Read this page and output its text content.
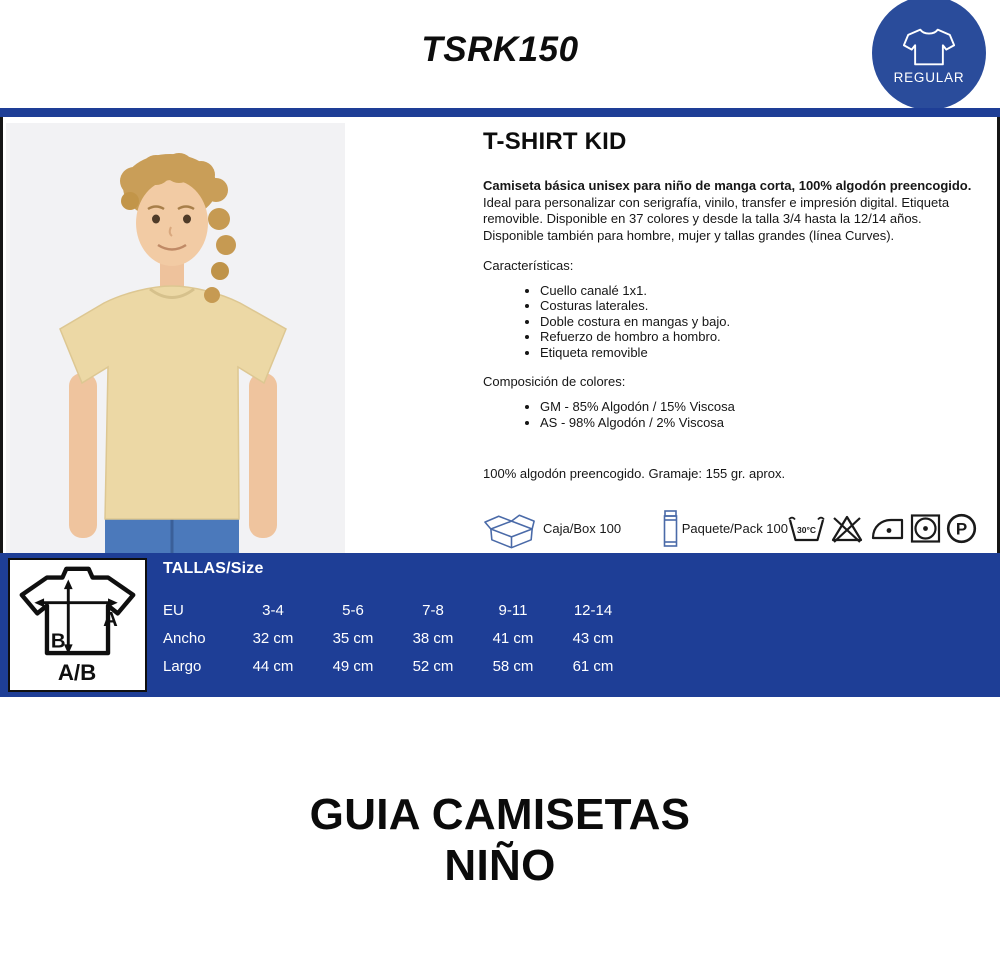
TSRK150
REGULAR
T-SHIRT KID

Camiseta básica unisex para niño de manga corta, 100% algodón preencogido. Ideal para personalizar con serigrafía, vinilo, transfer e impresión digital. Etiqueta removible. Disponible en 37 colores y desde la talla 3/4 hasta la 12/14 años. Disponible también para hombre, mujer y tallas grandes (línea Curves).

Características:

• Cuello canalé 1x1.
• Costuras laterales.
• Doble costura en mangas y bajo.
• Refuerzo de hombro a hombro.
• Etiqueta removible

Composición de colores:

• GM - 85% Algodón / 15% Viscosa
• AS - 98% Algodón / 2% Viscosa

100% algodón preencogido. Gramaje: 155 gr. aprox.

Caja/Box 100	Paquete/Pack 100 30°C	P
A
B
A/B
TALLAS/Size
EU	3-4	5-6	7-8	9-11	12-14
Ancho	32 cm	35 cm	38 cm	41 cm	43 cm
Largo	44 cm	49 cm	52 cm	58 cm	61 cm
GUIA CAMISETAS
NIÑO
